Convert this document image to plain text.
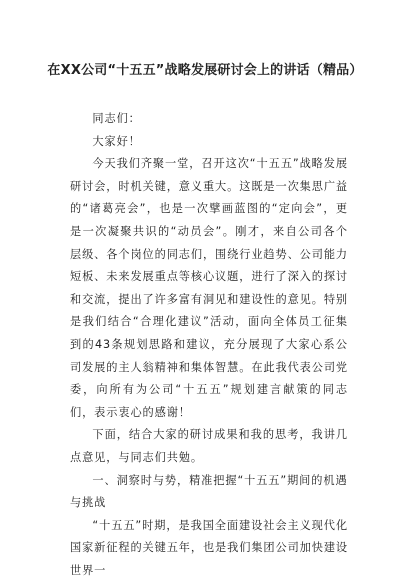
在XX公司“十五五”战略发展研讨会上的讲话（精品）

同志们：

大家好！

今天我们齐聚一堂，召开这次“十五五”战略发展研讨会，时机关键，意义重大。这既是一次集思广益的“诸葛亮会”，也是一次擘画蓝图的“定向会”，更是一次凝聚共识的“动员会”。刚才，来自公司各个层级、各个岗位的同志们，围绕行业趋势、公司能力短板、未来发展重点等核心议题，进行了深入的探讨和交流，提出了许多富有洞见和建设性的意见。特别是我们结合“合理化建议”活动，面向全体员工征集到的43条规划思路和建议，充分展现了大家心系公司发展的主人翁精神和集体智慧。在此我代表公司党委，向所有为公司“十五五”规划建言献策的同志们，表示衷心的感谢！

下面，结合大家的研讨成果和我的思考，我讲几点意见，与同志们共勉。

一、洞察时与势，精准把握“十五五”期间的机遇与挑战

“十五五”时期，是我国全面建设社会主义现代化国家新征程的关键五年，也是我们集团公司加快建设世界一
